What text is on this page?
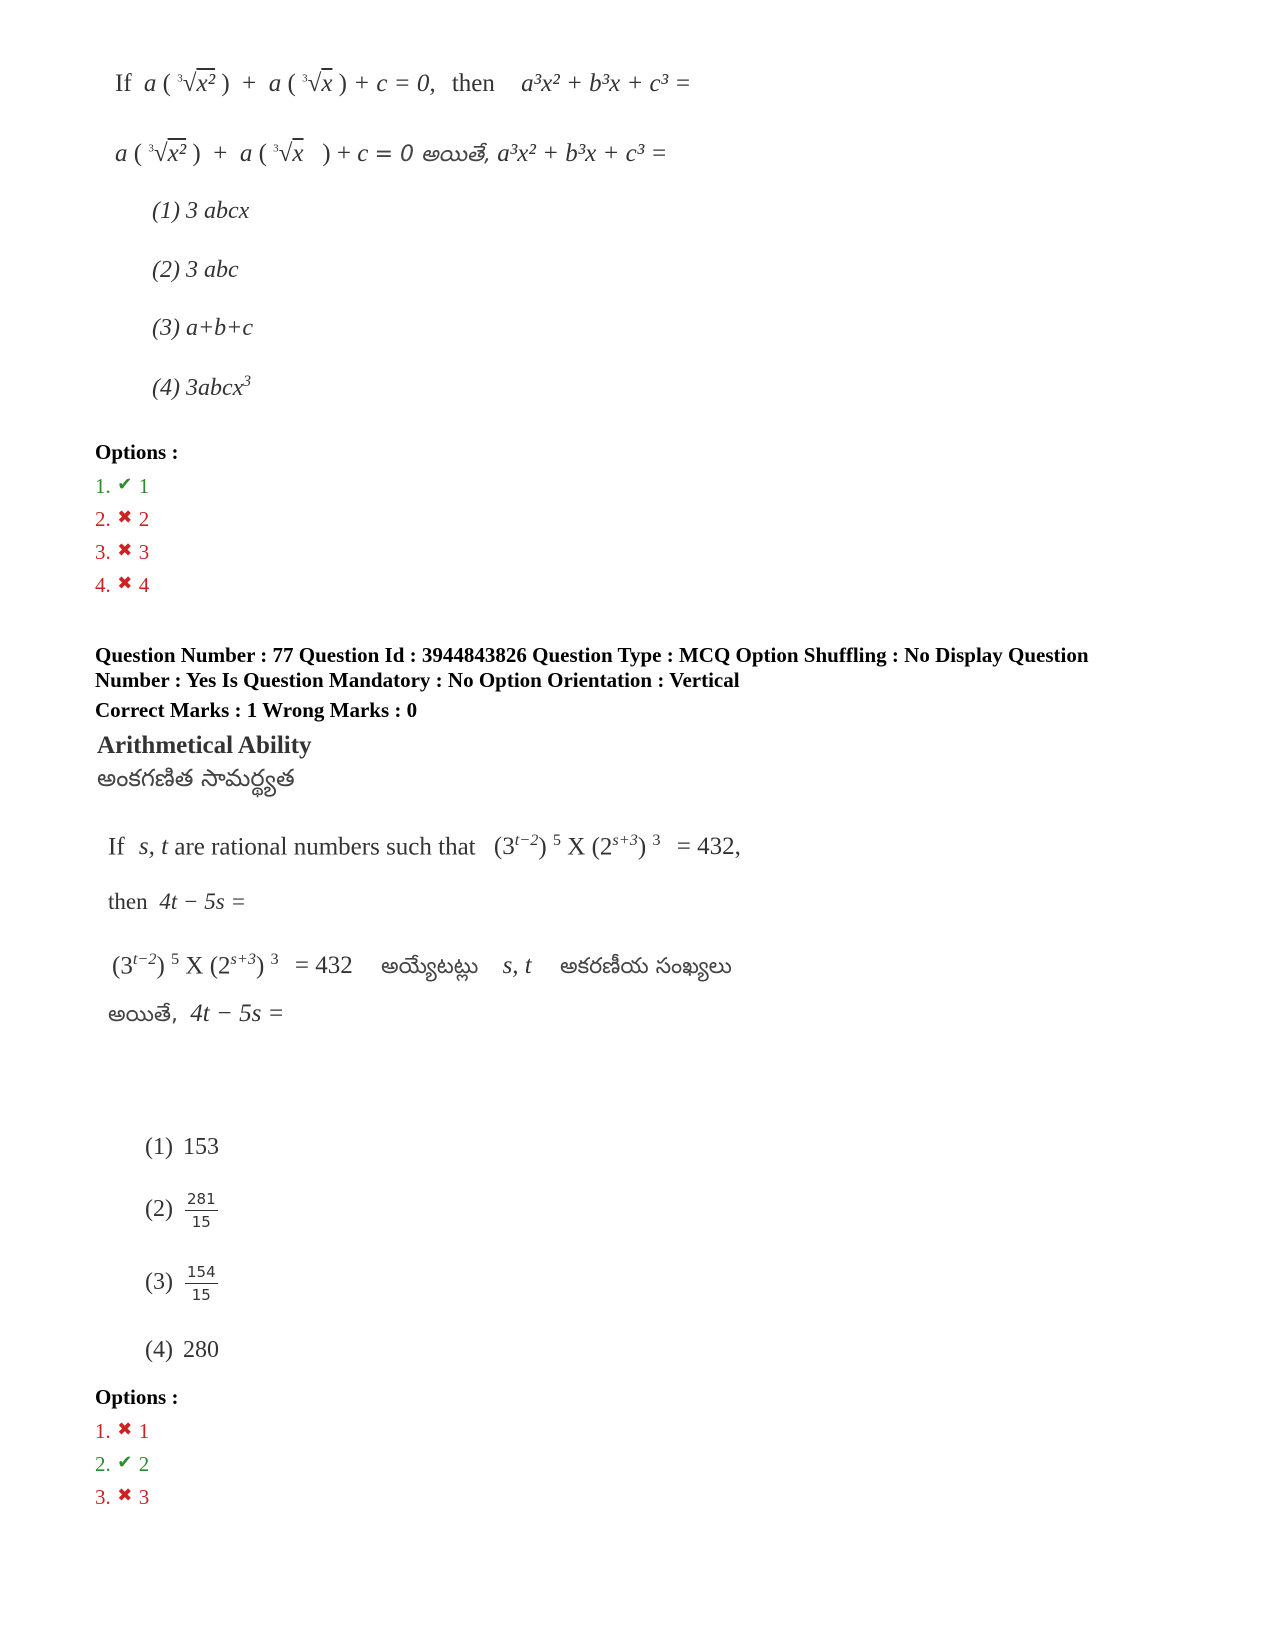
If a ( $^3$√x² )  +  a ( $^3$√x ) + c = 0, then a³x² + b³x + c³ =
a ( $^3$√x² )  +  a ( $^3$√x   ) + c = 0 అయితే, a³x² + b³x + c³ =
(1) 3 abcx
(2) 3 abc
(3) a+b+c
(4) 3abcx$^3$
Options :
1. ✔ 1
2. ✖ 2
3. ✖ 3
4. ✖ 4
Question Number : 77 Question Id : 3944843826 Question Type : MCQ Option Shuffling : No Display Question
Number : Yes Is Question Mandatory : No Option Orientation : Vertical
Correct Marks : 1 Wrong Marks : 0
Arithmetical Ability
అంకగణిత సామర్థ్యత
If s, t are rational numbers such that $(3^{t-2})$ $^5$ X $(2^{s+3}) ^3 = 432$,
then 4t − 5s =
$(3^{t-2})$ $^5$ X $(2^{s+3}) ^3 = 432$ అయ్యేటట్లు s, t అకరణీయ సంఖ్యలు
అయితే, 4t − 5s =
(1) 153
$(2) \frac{281}{15}$
$(3) \frac{154}{15}$
(4) 280
Options :
1. ✖ 1
2. ✔ 2
3. ✖ 3
